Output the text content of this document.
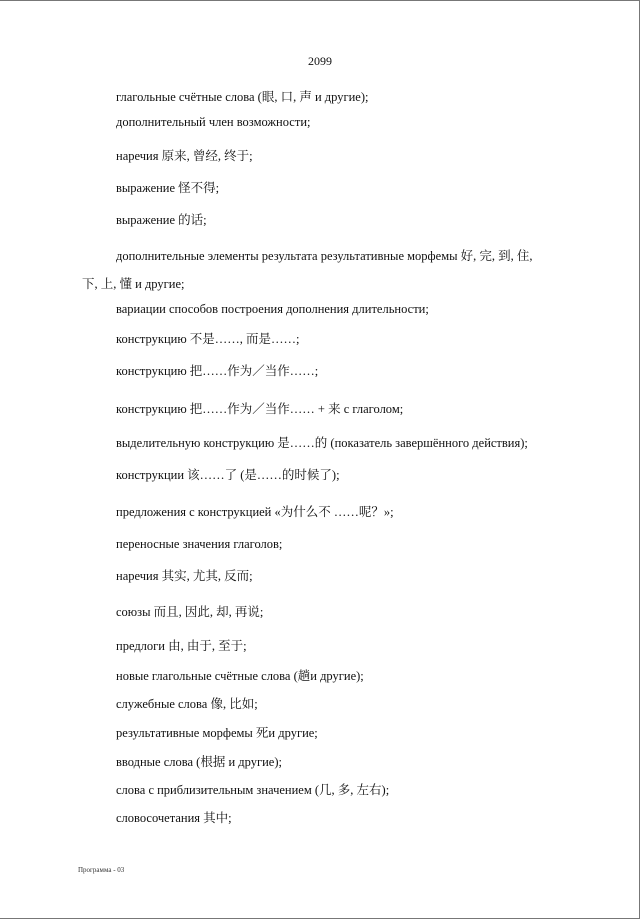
2099
глагольные счётные слова (眼, 口, 声 и другие);
дополнительный член возможности;
наречия 原来, 曾经, 终于;
выражение 怪不得;
выражение 的话;
дополнительные элементы результата результативные морфемы 好, 完, 到, 住,
下, 上, 懂 и другие;
вариации способов построения дополнения длительности;
конструкцию 不是……, 而是……;
конструкцию 把……作为／当作……;
конструкцию 把……作为／当作…… + 来 с глаголом;
выделительную конструкцию 是……的 (показатель завершённого действия);
конструкции 该……了 (是……的时候了);
предложения с конструкцией «为什么不 ……呢？»;
переносные значения глаголов;
наречия 其实, 尤其, 反而;
союзы 而且, 因此, 却, 再说;
предлоги 由, 由于, 至于;
новые глагольные счётные слова (趟и другие);
служебные слова 像, 比如;
результативные морфемы 死и другие;
вводные слова (根据 и другие);
слова с приблизительным значением (几, 多, 左右);
словосочетания 其中;
Программа - 03
